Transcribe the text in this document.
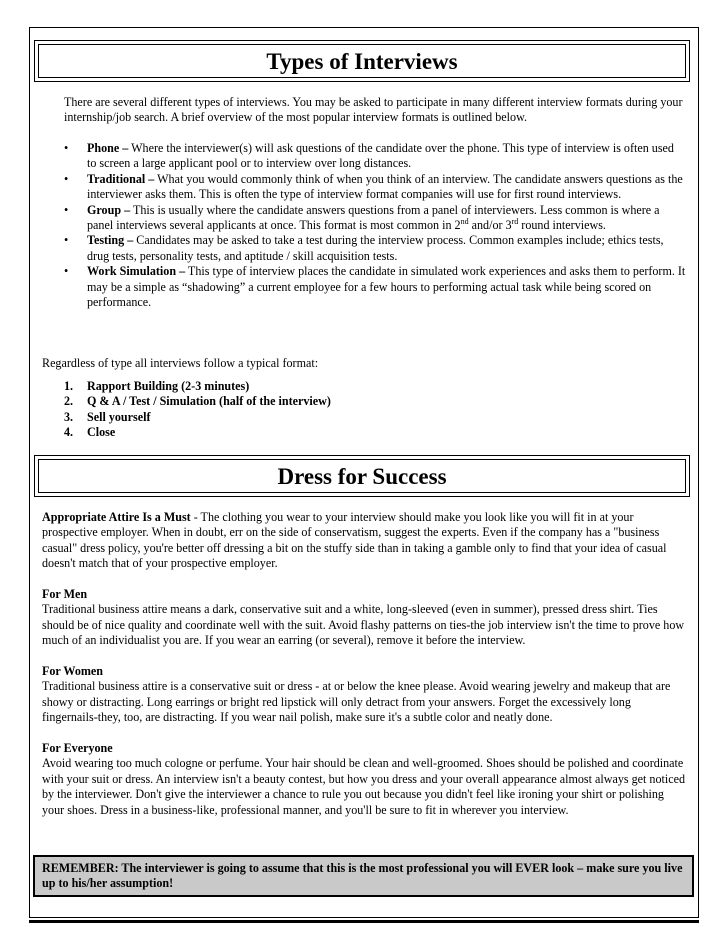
Types of Interviews
There are several different types of interviews. You may be asked to participate in many different interview formats during your internship/job search. A brief overview of the most popular interview formats is outlined below.
• Phone – Where the interviewer(s) will ask questions of the candidate over the phone. This type of interview is often used to screen a large applicant pool or to interview over long distances.
• Traditional – What you would commonly think of when you think of an interview. The candidate answers questions as the interviewer asks them. This is often the type of interview format companies will use for first round interviews.
• Group – This is usually where the candidate answers questions from a panel of interviewers. Less common is where a panel interviews several applicants at once. This format is most common in 2nd and/or 3rd round interviews.
• Testing – Candidates may be asked to take a test during the interview process. Common examples include; ethics tests, drug tests, personality tests, and aptitude / skill acquisition tests.
• Work Simulation – This type of interview places the candidate in simulated work experiences and asks them to perform. It may be a simple as “shadowing” a current employee for a few hours to performing actual task while being scored on performance.
Regardless of type all interviews follow a typical format:
1. Rapport Building (2-3 minutes)
2. Q & A / Test / Simulation (half of the interview)
3. Sell yourself
4. Close
Dress for Success

Appropriate Attire Is a Must - The clothing you wear to your interview should make you look like you will fit in at your prospective employer. When in doubt, err on the side of conservatism, suggest the experts. Even if the company has a "business casual" dress policy, you're better off dressing a bit on the stuffy side than in taking a gamble only to find that your idea of casual doesn't match that of your prospective employer.

For Men
Traditional business attire means a dark, conservative suit and a white, long-sleeved (even in summer), pressed dress shirt. Ties should be of nice quality and coordinate well with the suit. Avoid flashy patterns on ties-the job interview isn't the time to prove how much of an individualist you are. If you wear an earring (or several), remove it before the interview.

For Women
Traditional business attire is a conservative suit or dress - at or below the knee please. Avoid wearing jewelry and makeup that are showy or distracting. Long earrings or bright red lipstick will only detract from your answers. Forget the excessively long fingernails-they, too, are distracting. If you wear nail polish, make sure it's a subtle color and neatly done.

For Everyone
Avoid wearing too much cologne or perfume. Your hair should be clean and well-groomed. Shoes should be polished and coordinate with your suit or dress. An interview isn't a beauty contest, but how you dress and your overall appearance almost always get noticed by the interviewer. Don't give the interviewer a chance to rule you out because you didn't feel like ironing your shirt or polishing your shoes. Dress in a business-like, professional manner, and you'll be sure to fit in wherever you interview.

REMEMBER: The interviewer is going to assume that this is the most professional you will EVER look – make sure you live up to his/her assumption!
